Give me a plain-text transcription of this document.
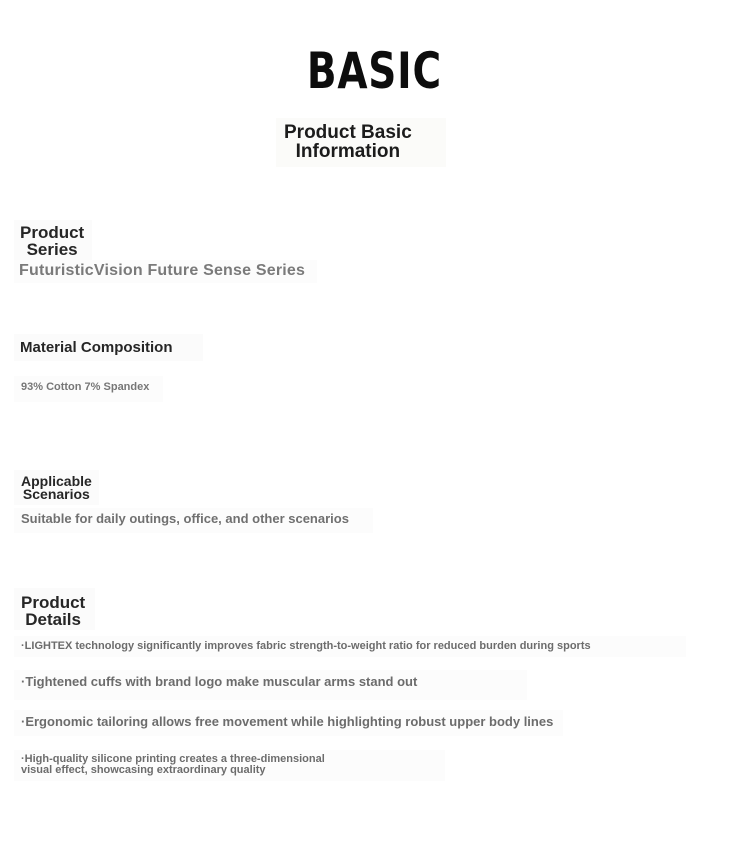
BASIC
Product Basic
Information
Product
Series
FuturisticVision Future Sense Series
Material Composition
93% Cotton 7% Spandex
Applicable
Scenarios
Suitable for daily outings, office, and other scenarios
Product
Details
·LIGHTEX technology significantly improves fabric strength-to-weight ratio for reduced burden during sports
·Tightened cuffs with brand logo make muscular arms stand out
·Ergonomic tailoring allows free movement while highlighting robust upper body lines
·High-quality silicone printing creates a three-dimensional
visual effect, showcasing extraordinary quality
